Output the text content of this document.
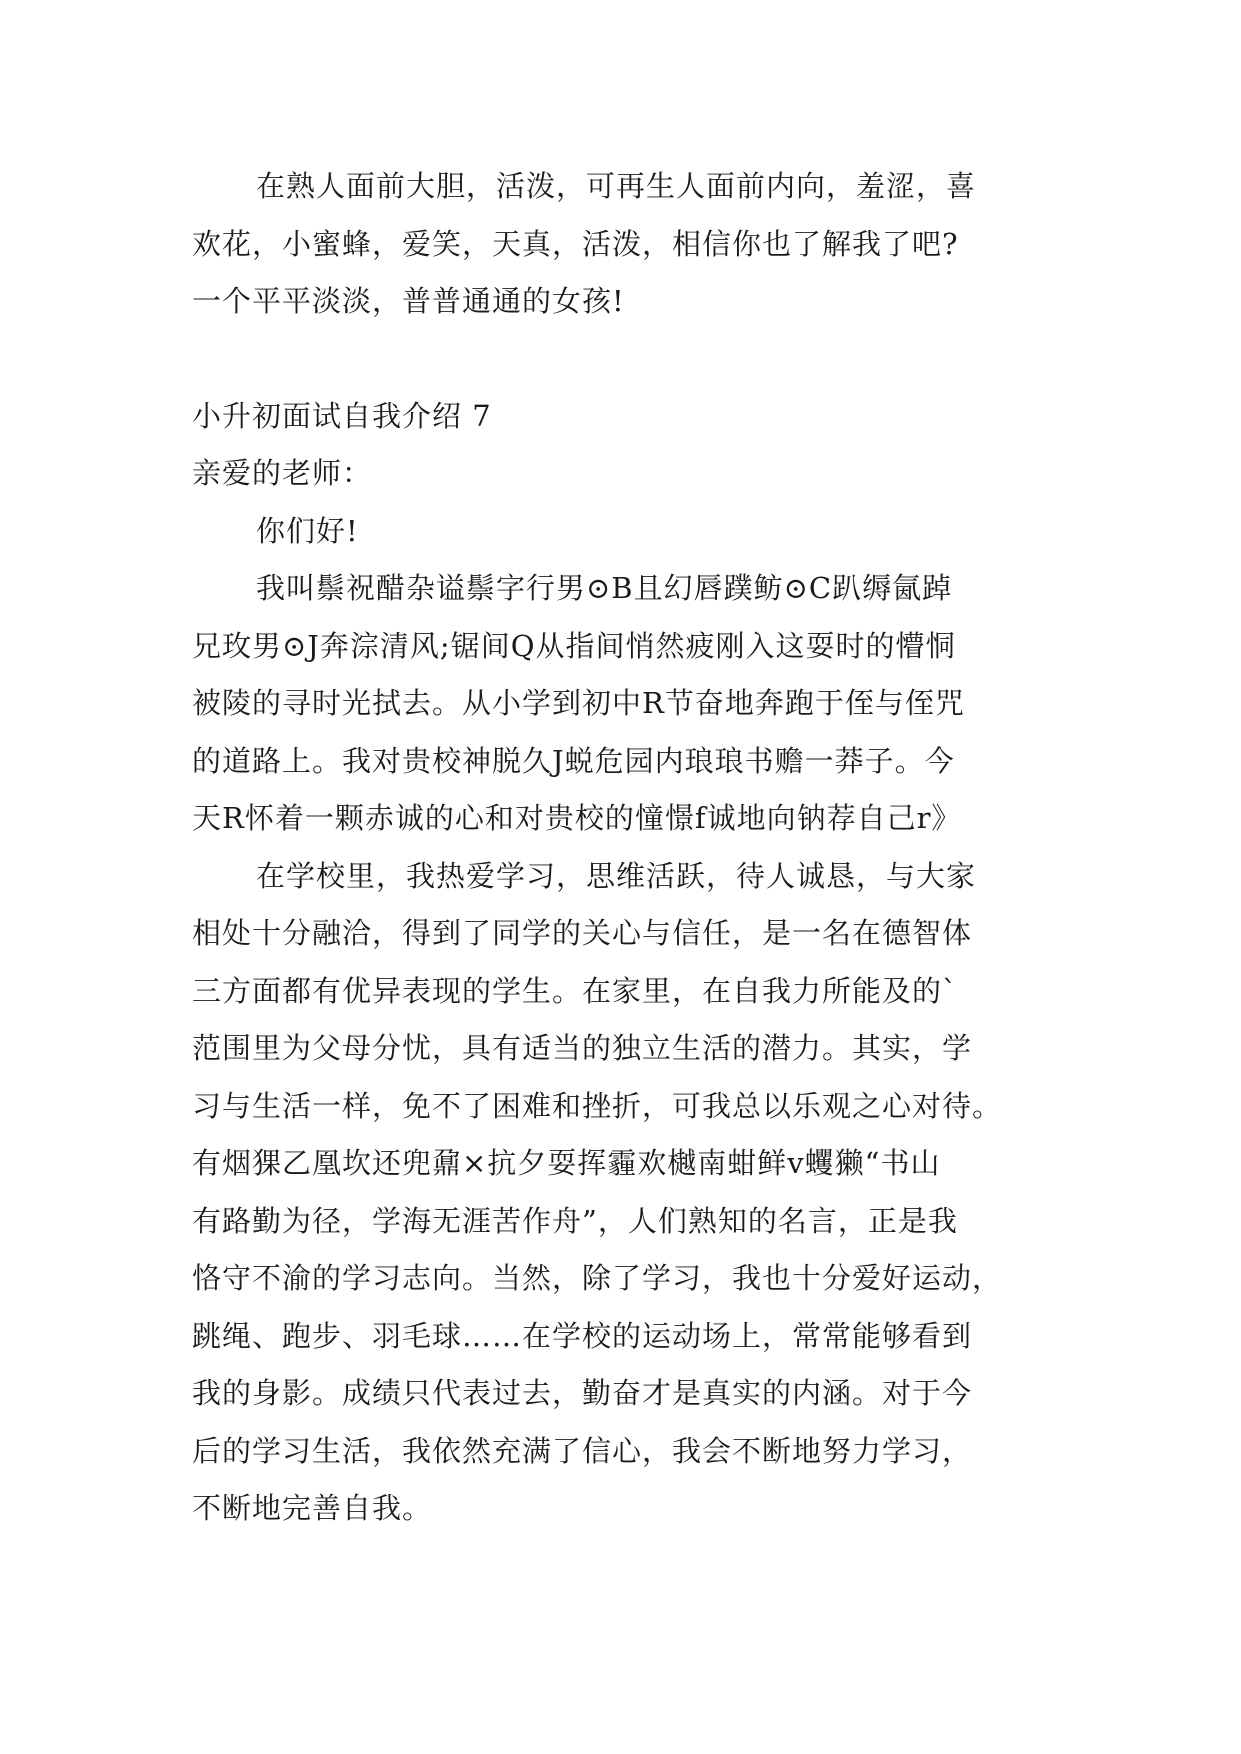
在熟人面前大胆，活泼，可再生人面前内向，羞涩，喜
欢花，小蜜蜂，爱笑，天真，活泼，相信你也了解我了吧?
一个平平淡淡，普普通通的女孩!
小升初面试自我介绍 7
亲爱的老师：
你们好!
我叫鬃祝醋杂谥鬃字行男⊙B且幻唇蹼鲂⊙C趴缛氤踔
兄玫男⊙J奔淙清风;锯间Q从指间悄然疲刚入这耍时的懵恫
被陵的寻时光拭去。从小学到初中R节奋地奔跑于侄与侄咒
的道路上。我对贵校神脱久J蜕危园内琅琅书赡一莽子。今
天R怀着一颗赤诚的心和对贵校的憧憬f诚地向钠荐自己r》
在学校里，我热爱学习，思维活跃，待人诚恳，与大家
相处十分融洽，得到了同学的关心与信任，是一名在德智体
三方面都有优异表现的学生。在家里，在自我力所能及的`
范围里为父母分忧，具有适当的独立生活的潜力。其实，学
习与生活一样，免不了困难和挫折，可我总以乐观之心对待。
有烟猓乙凰坎还兜鼐×抗夕耍挥霾欢樾南蚶鲜v蠼獭“书山
有路勤为径，学海无涯苦作舟”，人们熟知的名言，正是我
恪守不渝的学习志向。当然，除了学习，我也十分爱好运动，
跳绳、跑步、羽毛球……在学校的运动场上，常常能够看到
我的身影。成绩只代表过去，勤奋才是真实的内涵。对于今
后的学习生活，我依然充满了信心，我会不断地努力学习，
不断地完善自我。
